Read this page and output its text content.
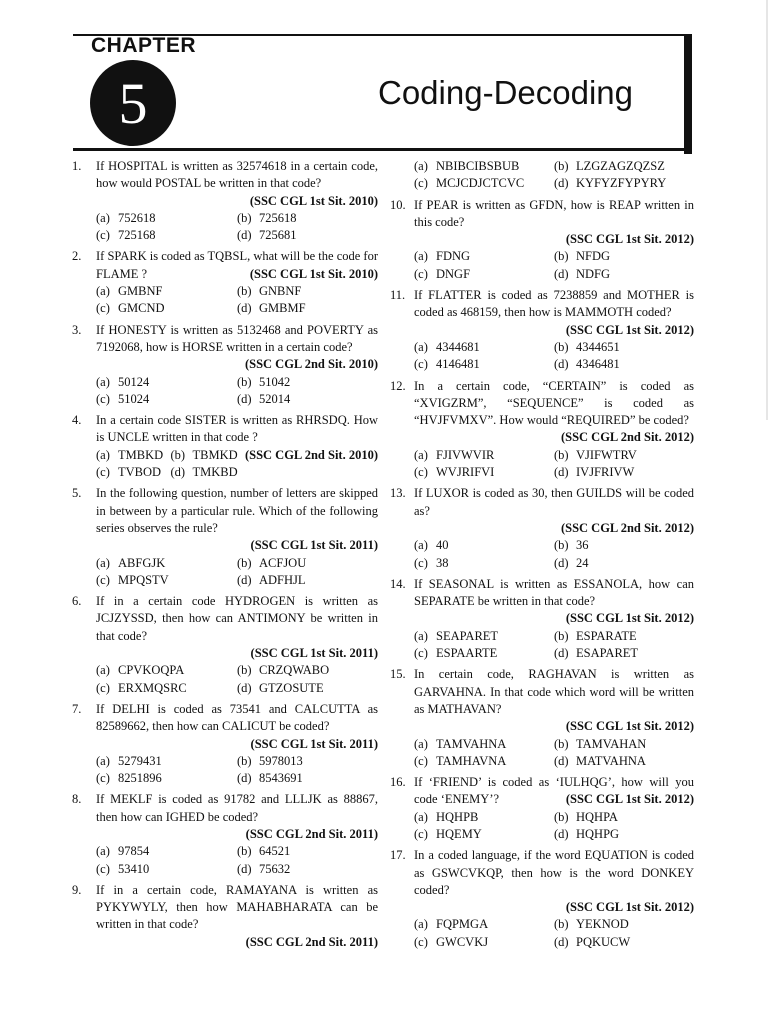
CHAPTER
5	Coding-Decoding
1. If HOSPITAL is written as 32574618 in a certain code, how would POSTAL be written in that code?
(SSC CGL 1st Sit. 2010)
(a) 752618	(b) 725618
(c) 725168	(d) 725681
2. If SPARK is coded as TQBSL, what will be the code for FLAME ?	(SSC CGL 1st Sit. 2010)
(a) GMBNF	(b) GNBNF
(c) GMCND	(d) GMBMF
3. If HONESTY is written as 5132468 and POVERTY as 7192068, how is HORSE written in a certain code?
(SSC CGL 2nd Sit. 2010)
(a) 50124	(b) 51042
(c) 51024	(d) 52014
4. In a certain code SISTER is written as RHRSDQ. How is UNCLE written in that code ?
(SSC CGL 2nd Sit. 2010)
(a) TMBKD (b) TBMKD
(c) TVBOD (d) TMKBD
5. In the following question, number of letters are skipped in between by a particular rule. Which of the following series observes the rule?
(SSC CGL 1st Sit. 2011)
(a) ABFGJK	(b) ACFJOU
(c) MPQSTV	(d) ADFHJL
6. If in a certain code HYDROGEN is written as JCJZYSSD, then how can ANTIMONY be written in that code?
(SSC CGL 1st Sit. 2011)
(a) CPVKOQPA	(b) CRZQWABO
(c) ERXMQSRC	(d) GTZOSUTE
7. If DELHI is coded as 73541 and CALCUTTA as 82589662, then how can CALICUT be coded?
(SSC CGL 1st Sit. 2011)
(a) 5279431	(b) 5978013
(c) 8251896	(d) 8543691
8. If MEKLF is coded as 91782 and LLLJK as 88867, then how can IGHED be coded?
(SSC CGL 2nd Sit. 2011)
(a) 97854	(b) 64521
(c) 53410	(d) 75632
9. If in a certain code, RAMAYANA is written as PYKYWYLY, then how MAHABHARATA can be written in that code?
(SSC CGL 2nd Sit. 2011)
(a) NBIBCIBSBUB	(b) LZGZAGZQZSZ
(c) MCJCDJCTCVC	(d) KYFYZFYPYRY
10. If PEAR is written as GFDN, how is REAP written in this code?
(SSC CGL 1st Sit. 2012)
(a) FDNG	(b) NFDG
(c) DNGF	(d) NDFG
11. If FLATTER is coded as 7238859 and MOTHER is coded as 468159, then how is MAMMOTH coded?
(SSC CGL 1st Sit. 2012)
(a) 4344681	(b) 4344651
(c) 4146481	(d) 4346481
12. In a certain code, “CERTAIN” is coded as “XVIGZRM”, “SEQUENCE” is coded as “HVJFVMXV”. How would “REQUIRED” be coded?
(SSC CGL 2nd Sit. 2012)
(a) FJIVWVIR	(b) VJIFWTRV
(c) WVJRIFVI	(d) IVJFRIVW
13. If LUXOR is coded as 30, then GUILDS will be coded as?
(SSC CGL 2nd Sit. 2012)
(a) 40	(b) 36
(c) 38	(d) 24
14. If SEASONAL is written as ESSANOLA, how can SEPARATE be written in that code?
(SSC CGL 1st Sit. 2012)
(a) SEAPARET	(b) ESPARATE
(c) ESPAARTE	(d) ESAPARET
15. In certain code, RAGHAVAN is written as GARVAHNA. In that code which word will be written as MATHAVAN?
(SSC CGL 1st Sit. 2012)
(a) TAMVAHNA	(b) TAMVAHAN
(c) TAMHAVNA	(d) MATVAHNA
16. If ‘FRIEND’ is coded as ‘IULHQG’, how will you code ‘ENEMY’?	(SSC CGL 1st Sit. 2012)
(a) HQHPB	(b) HQHPA
(c) HQEMY	(d) HQHPG
17. In a coded language, if the word EQUATION is coded as GSWCVKQP, then how is the word DONKEY coded?
(SSC CGL 1st Sit. 2012)
(a) FQPMGA	(b) YEKNOD
(c) GWCVKJ	(d) PQKUCW
